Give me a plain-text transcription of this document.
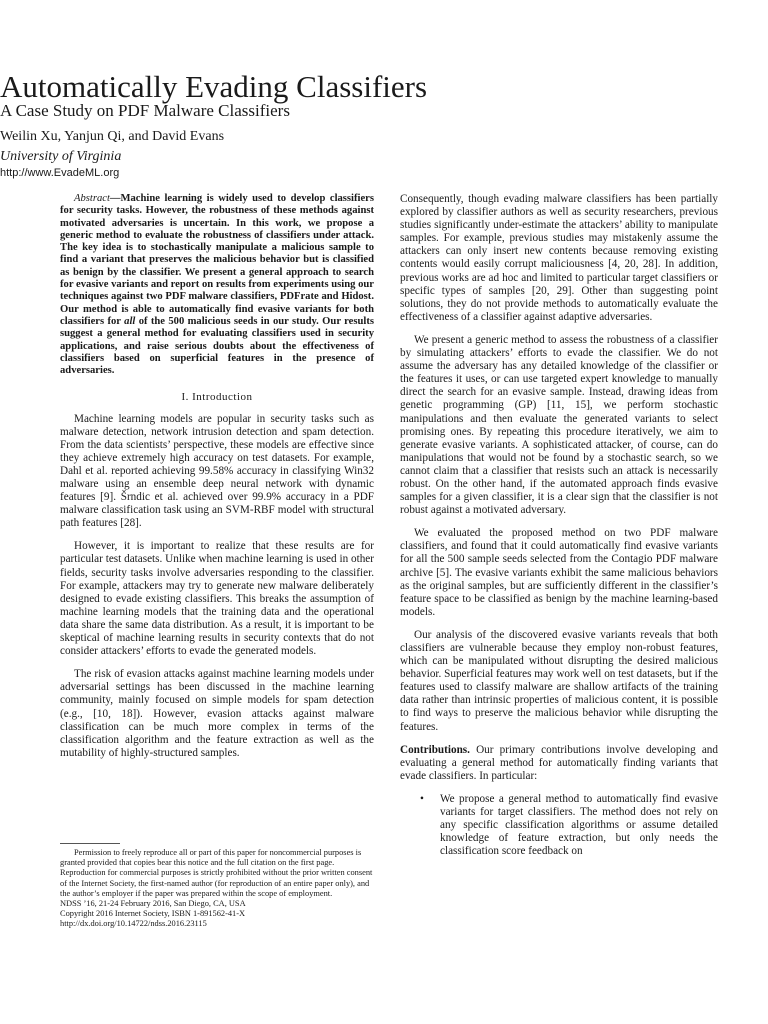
Automatically Evading Classifiers
A Case Study on PDF Malware Classifiers
Weilin Xu, Yanjun Qi, and David Evans
University of Virginia
http://www.EvadeML.org

Abstract—Machine learning is widely used to develop classifiers for security tasks. However, the robustness of these methods against motivated adversaries is uncertain. In this work, we propose a generic method to evaluate the robustness of classifiers under attack. The key idea is to stochastically manipulate a malicious sample to find a variant that preserves the malicious behavior but is classified as benign by the classifier. We present a general approach to search for evasive variants and report on results from experiments using our techniques against two PDF malware classifiers, PDFrate and Hidost. Our method is able to automatically find evasive variants for both classifiers for all of the 500 malicious seeds in our study. Our results suggest a general method for evaluating classifiers used in security applications, and raise serious doubts about the effectiveness of classifiers based on superficial features in the presence of adversaries.

I. Introduction

Machine learning models are popular in security tasks such as malware detection, network intrusion detection and spam detection. From the data scientists’ perspective, these models are effective since they achieve extremely high accuracy on test datasets. For example, Dahl et al. reported achieving 99.58% accuracy in classifying Win32 malware using an ensemble deep neural network with dynamic features [9]. Šrndic et al. achieved over 99.9% accuracy in a PDF malware classification task using an SVM-RBF model with structural path features [28].

However, it is important to realize that these results are for particular test datasets. Unlike when machine learning is used in other fields, security tasks involve adversaries responding to the classifier. For example, attackers may try to generate new malware deliberately designed to evade existing classifiers. This breaks the assumption of machine learning models that the training data and the operational data share the same data distribution. As a result, it is important to be skeptical of machine learning results in security contexts that do not consider attackers’ efforts to evade the generated models.

The risk of evasion attacks against machine learning models under adversarial settings has been discussed in the machine learning community, mainly focused on simple models for spam detection (e.g., [10, 18]). However, evasion attacks against malware classification can be much more complex in terms of the classification algorithm and the feature extraction as well as the mutability of highly-structured samples.

Permission to freely reproduce all or part of this paper for noncommercial purposes is granted provided that copies bear this notice and the full citation on the first page. Reproduction for commercial purposes is strictly prohibited without the prior written consent of the Internet Society, the first-named author (for reproduction of an entire paper only), and the author’s employer if the paper was prepared within the scope of employment.

NDSS ’16, 21-24 February 2016, San Diego, CA, USA

Copyright 2016 Internet Society, ISBN 1-891562-41-X

http://dx.doi.org/10.14722/ndss.2016.23115

Consequently, though evading malware classifiers has been partially explored by classifier authors as well as security researchers, previous studies significantly under-estimate the attackers’ ability to manipulate samples. For example, previous studies may mistakenly assume the attackers can only insert new contents because removing existing contents would easily corrupt maliciousness [4, 20, 28]. In addition, previous works are ad hoc and limited to particular target classifiers or specific types of samples [20, 29]. Other than suggesting point solutions, they do not provide methods to automatically evaluate the effectiveness of a classifier against adaptive adversaries.

We present a generic method to assess the robustness of a classifier by simulating attackers’ efforts to evade the classifier. We do not assume the adversary has any detailed knowledge of the classifier or the features it uses, or can use targeted expert knowledge to manually direct the search for an evasive sample. Instead, drawing ideas from genetic programming (GP) [11, 15], we perform stochastic manipulations and then evaluate the generated variants to select promising ones. By repeating this procedure iteratively, we aim to generate evasive variants. A sophisticated attacker, of course, can do manipulations that would not be found by a stochastic search, so we cannot claim that a classifier that resists such an attack is necessarily robust. On the other hand, if the automated approach finds evasive samples for a given classifier, it is a clear sign that the classifier is not robust against a motivated adversary.

We evaluated the proposed method on two PDF malware classifiers, and found that it could automatically find evasive variants for all the 500 sample seeds selected from the Contagio PDF malware archive [5]. The evasive variants exhibit the same malicious behaviors as the original samples, but are sufficiently different in the classifier’s feature space to be classified as benign by the machine learning-based models.

Our analysis of the discovered evasive variants reveals that both classifiers are vulnerable because they employ non-robust features, which can be manipulated without disrupting the desired malicious behavior. Superficial features may work well on test datasets, but if the features used to classify malware are shallow artifacts of the training data rather than intrinsic properties of malicious content, it is possible to find ways to preserve the malicious behavior while disrupting the features.

Contributions. Our primary contributions involve developing and evaluating a general method for automatically finding variants that evade classifiers. In particular:

• We propose a general method to automatically find evasive variants for target classifiers. The method does not rely on any specific classification algorithms or assume detailed knowledge of feature extraction, but only needs the classification score feedback on
